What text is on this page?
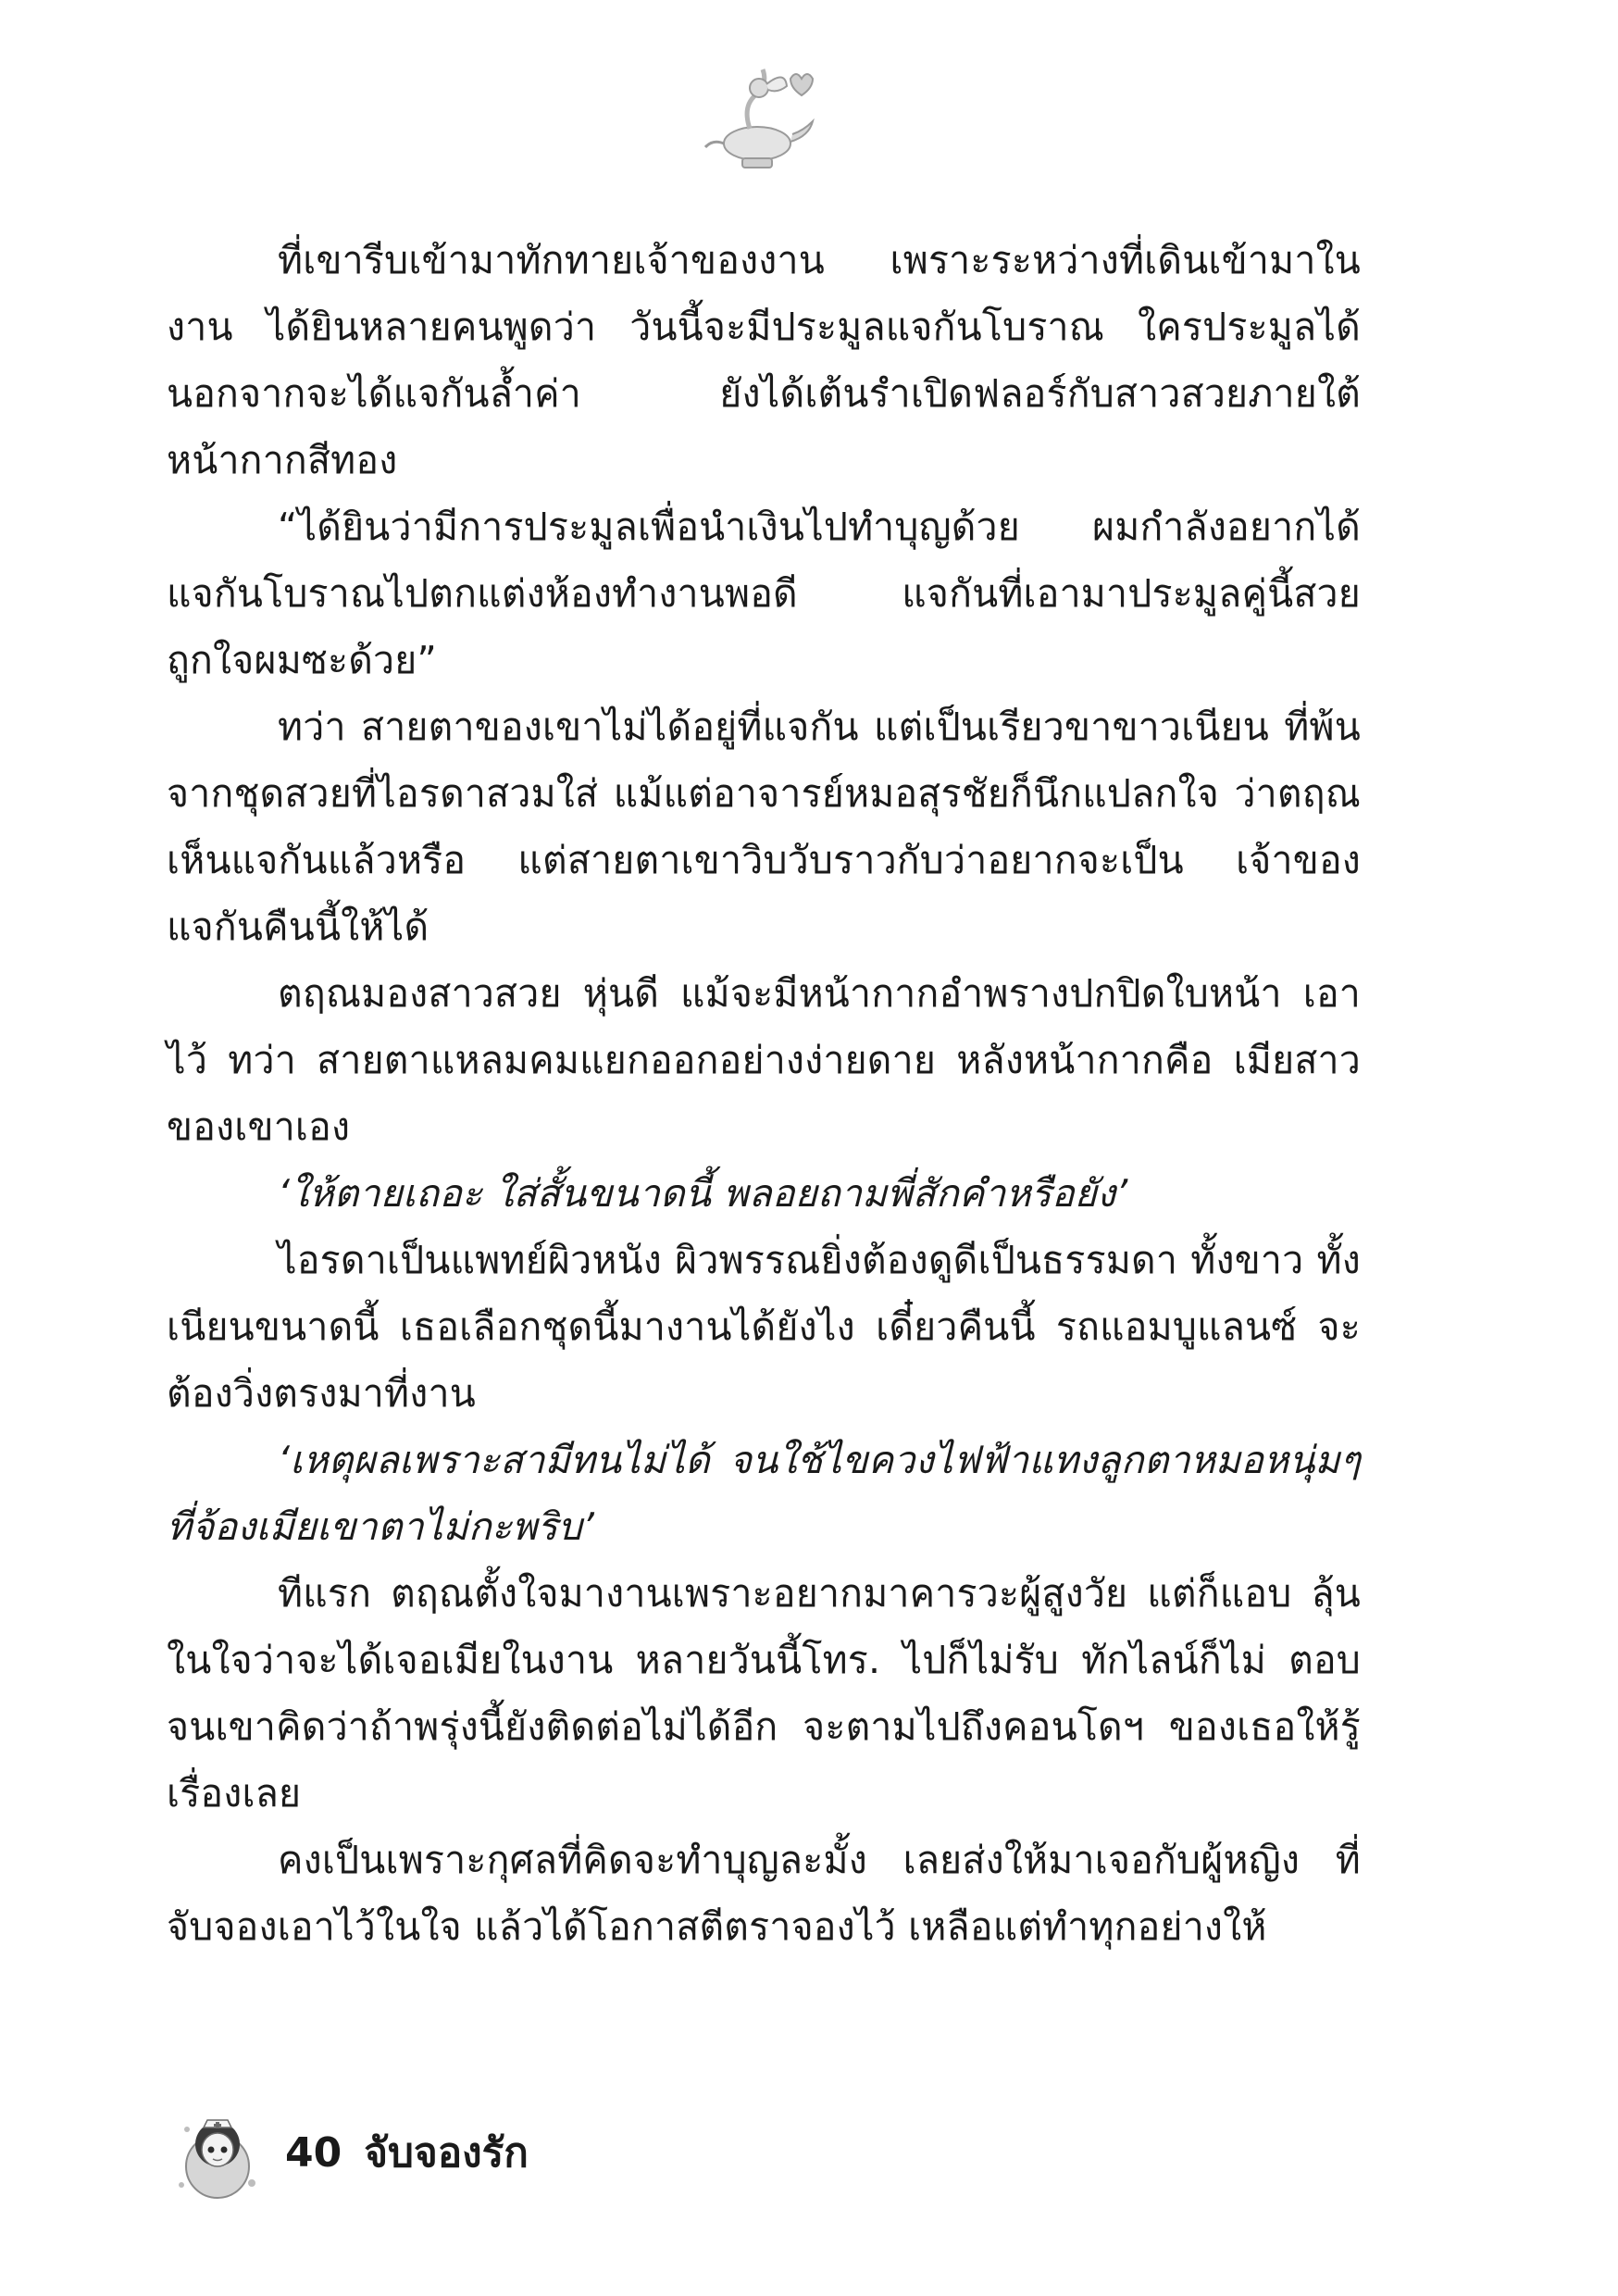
ที่เขารีบเข้ามาทักทายเจ้าของงาน เพราะระหว่างที่เดินเข้ามาในงาน ได้ยินหลายคนพูดว่า วันนี้จะมีประมูลแจกันโบราณ ใครประมูลได้ นอกจากจะได้แจกันล้ำค่า ยังได้เต้นรำเปิดฟลอร์กับสาวสวยภายใต้ หน้ากากสีทอง

“ได้ยินว่ามีการประมูลเพื่อนำเงินไปทำบุญด้วย ผมกำลังอยากได้ แจกันโบราณไปตกแต่งห้องทำงานพอดี แจกันที่เอามาประมูลคู่นี้สวย ถูกใจผมซะด้วย”

ทว่า สายตาของเขาไม่ได้อยู่ที่แจกัน แต่เป็นเรียวขาขาวเนียน ที่พ้นจากชุดสวยที่ไอรดาสวมใส่ แม้แต่อาจารย์หมอสุรชัยก็นึกแปลกใจ ว่าตฤณเห็นแจกันแล้วหรือ แต่สายตาเขาวิบวับราวกับว่าอยากจะเป็น เจ้าของแจกันคืนนี้ให้ได้

ตฤณมองสาวสวย หุ่นดี แม้จะมีหน้ากากอำพรางปกปิดใบหน้า เอาไว้ ทว่า สายตาแหลมคมแยกออกอย่างง่ายดาย หลังหน้ากากคือ เมียสาวของเขาเอง

‘ให้ตายเถอะ ใส่สั้นขนาดนี้ พลอยถามพี่สักคำหรือยัง’

ไอรดาเป็นแพทย์ผิวหนัง ผิวพรรณยิ่งต้องดูดีเป็นธรรมดา ทั้งขาว ทั้งเนียนขนาดนี้ เธอเลือกชุดนี้มางานได้ยังไง เดี๋ยวคืนนี้ รถแอมบูแลนซ์ จะต้องวิ่งตรงมาที่งาน

‘เหตุผลเพราะสามีทนไม่ได้ จนใช้ไขควงไฟฟ้าแทงลูกตาหมอหนุ่มๆ ที่จ้องเมียเขาตาไม่กะพริบ’

ทีแรก ตฤณตั้งใจมางานเพราะอยากมาคารวะผู้สูงวัย แต่ก็แอบ ลุ้นในใจว่าจะได้เจอเมียในงาน หลายวันนี้โทร. ไปก็ไม่รับ ทักไลน์ก็ไม่ ตอบ จนเขาคิดว่าถ้าพรุ่งนี้ยังติดต่อไม่ได้อีก จะตามไปถึงคอนโดฯ ของเธอให้รู้เรื่องเลย

คงเป็นเพราะกุศลที่คิดจะทำบุญละมั้ง เลยส่งให้มาเจอกับผู้หญิง ที่จับจองเอาไว้ในใจ แล้วได้โอกาสตีตราจองไว้ เหลือแต่ทำทุกอย่างให้

40 จับจองรัก
